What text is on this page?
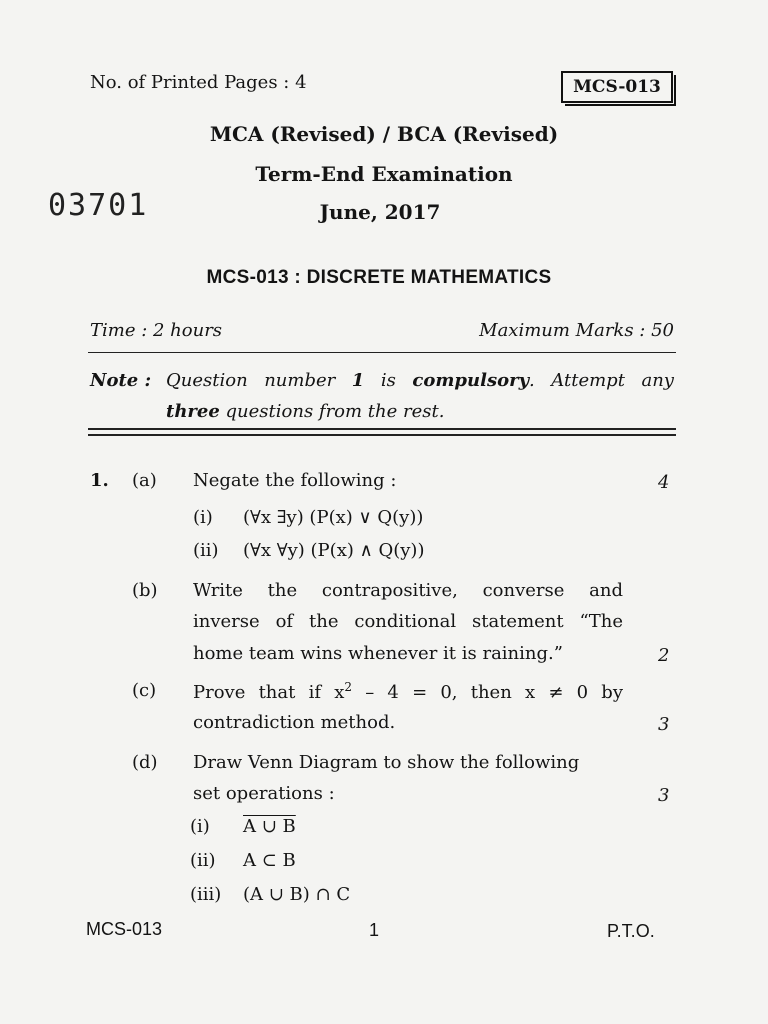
No. of Printed Pages : 4	MCS-013
MCA (Revised) / BCA (Revised)
Term-End Examination
03701	June, 2017
MCS-013 : DISCRETE MATHEMATICS
Time : 2 hours	Maximum Marks : 50
Note : Question number 1 is compulsory. Attempt any
three questions from the rest.
1. (a) Negate the following :	4
(i) (∀x ∃y) (P(x) ∨ Q(y))
(ii) (∀x ∀y) (P(x) ∧ Q(y))
(b) Write the contrapositive, converse and
inverse of the conditional statement “The
home team wins whenever it is raining.”	2
(c) Prove that if $x^2 - 4 = 0$, then x ≠ 0 by
contradiction method.	3
(d) Draw Venn Diagram to show the following
set operations :	3
(i) A ∪ B
(ii) A ⊂ B
(iii) (A ∪ B) ∩ C
MCS-013	1	P.T.O.
